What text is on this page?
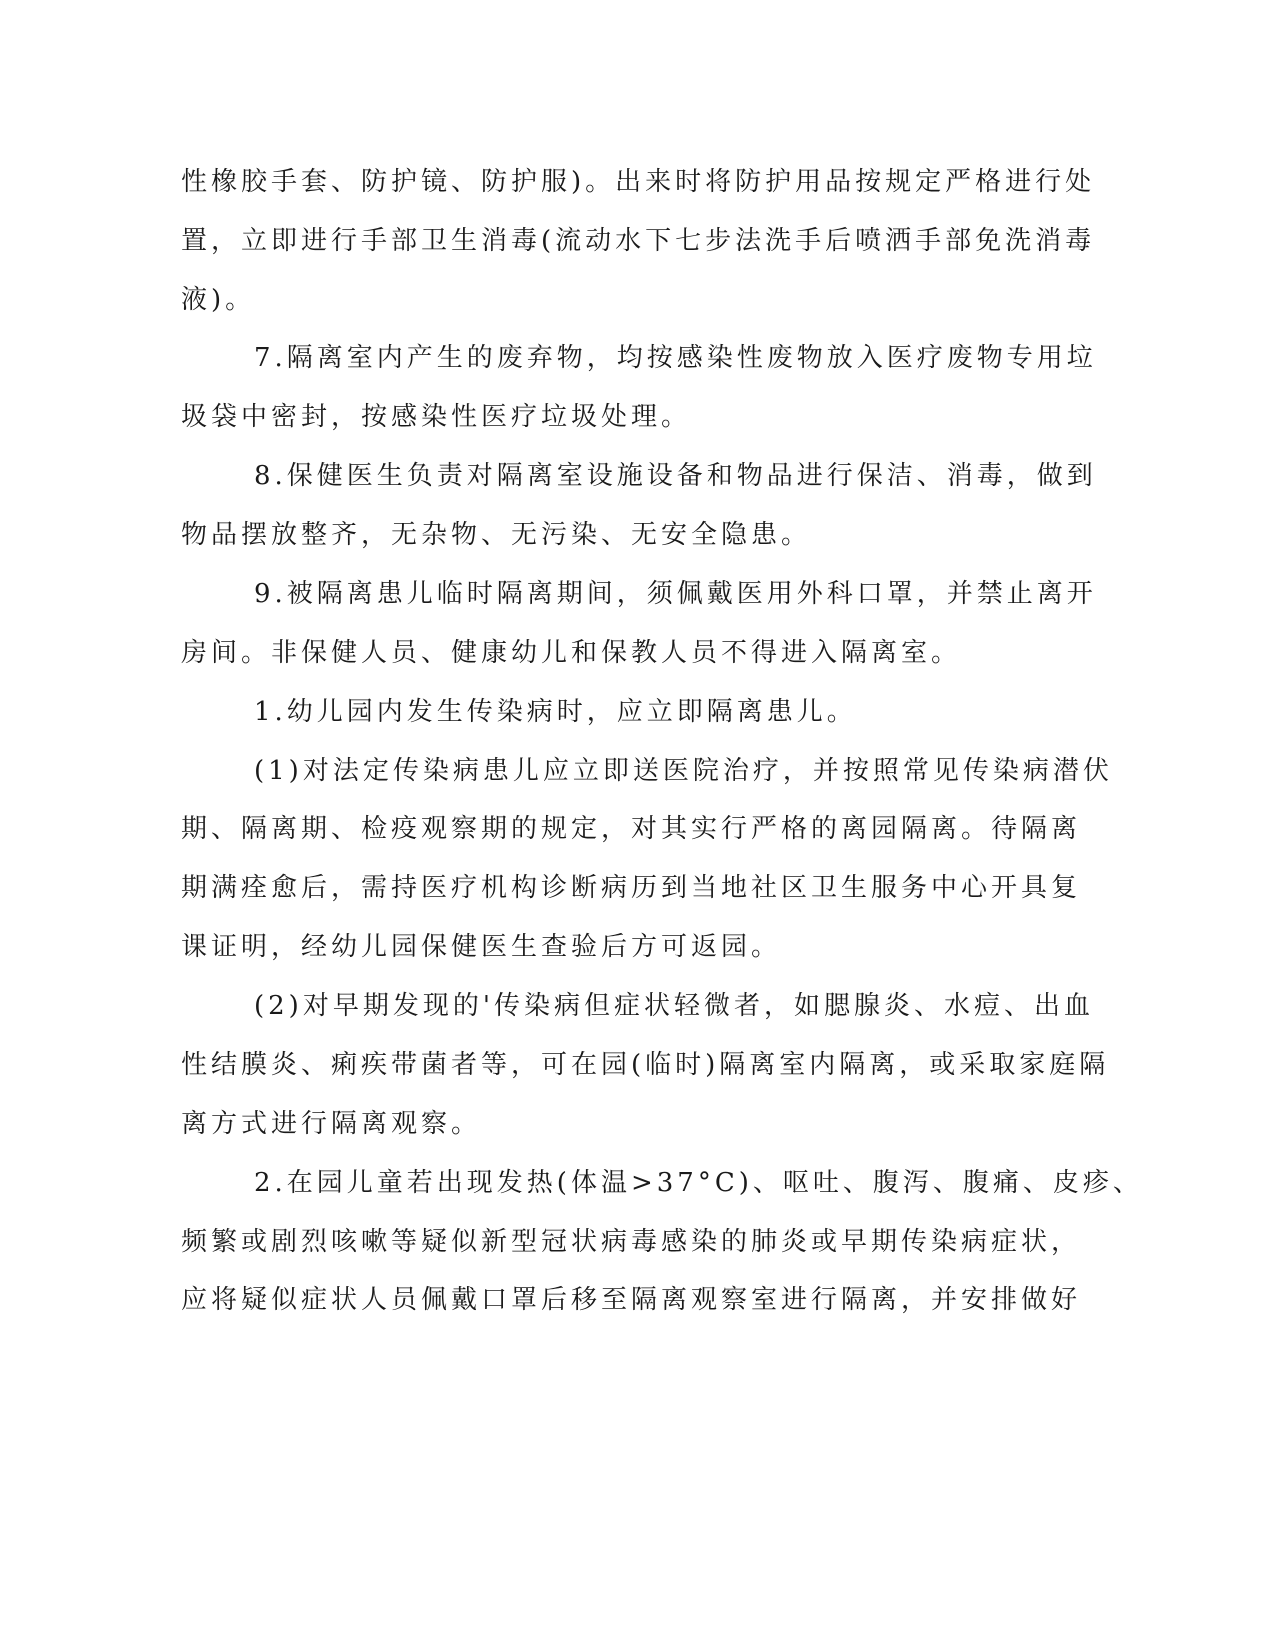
性橡胶手套、防护镜、防护服)。出来时将防护用品按规定严格进行处
置，立即进行手部卫生消毒(流动水下七步法洗手后喷洒手部免洗消毒
液)。
7.隔离室内产生的废弃物，均按感染性废物放入医疗废物专用垃
圾袋中密封，按感染性医疗垃圾处理。
8.保健医生负责对隔离室设施设备和物品进行保洁、消毒，做到
物品摆放整齐，无杂物、无污染、无安全隐患。
9.被隔离患儿临时隔离期间，须佩戴医用外科口罩，并禁止离开
房间。非保健人员、健康幼儿和保教人员不得进入隔离室。
1.幼儿园内发生传染病时，应立即隔离患儿。
(1)对法定传染病患儿应立即送医院治疗，并按照常见传染病潜伏
期、隔离期、检疫观察期的规定，对其实行严格的离园隔离。待隔离
期满痊愈后，需持医疗机构诊断病历到当地社区卫生服务中心开具复
课证明，经幼儿园保健医生查验后方可返园。
(2)对早期发现的'传染病但症状轻微者，如腮腺炎、水痘、出血
性结膜炎、痢疾带菌者等，可在园(临时)隔离室内隔离，或采取家庭隔
离方式进行隔离观察。
2.在园儿童若出现发热(体温>37°C)、呕吐、腹泻、腹痛、皮疹、
频繁或剧烈咳嗽等疑似新型冠状病毒感染的肺炎或早期传染病症状，
应将疑似症状人员佩戴口罩后移至隔离观察室进行隔离，并安排做好
